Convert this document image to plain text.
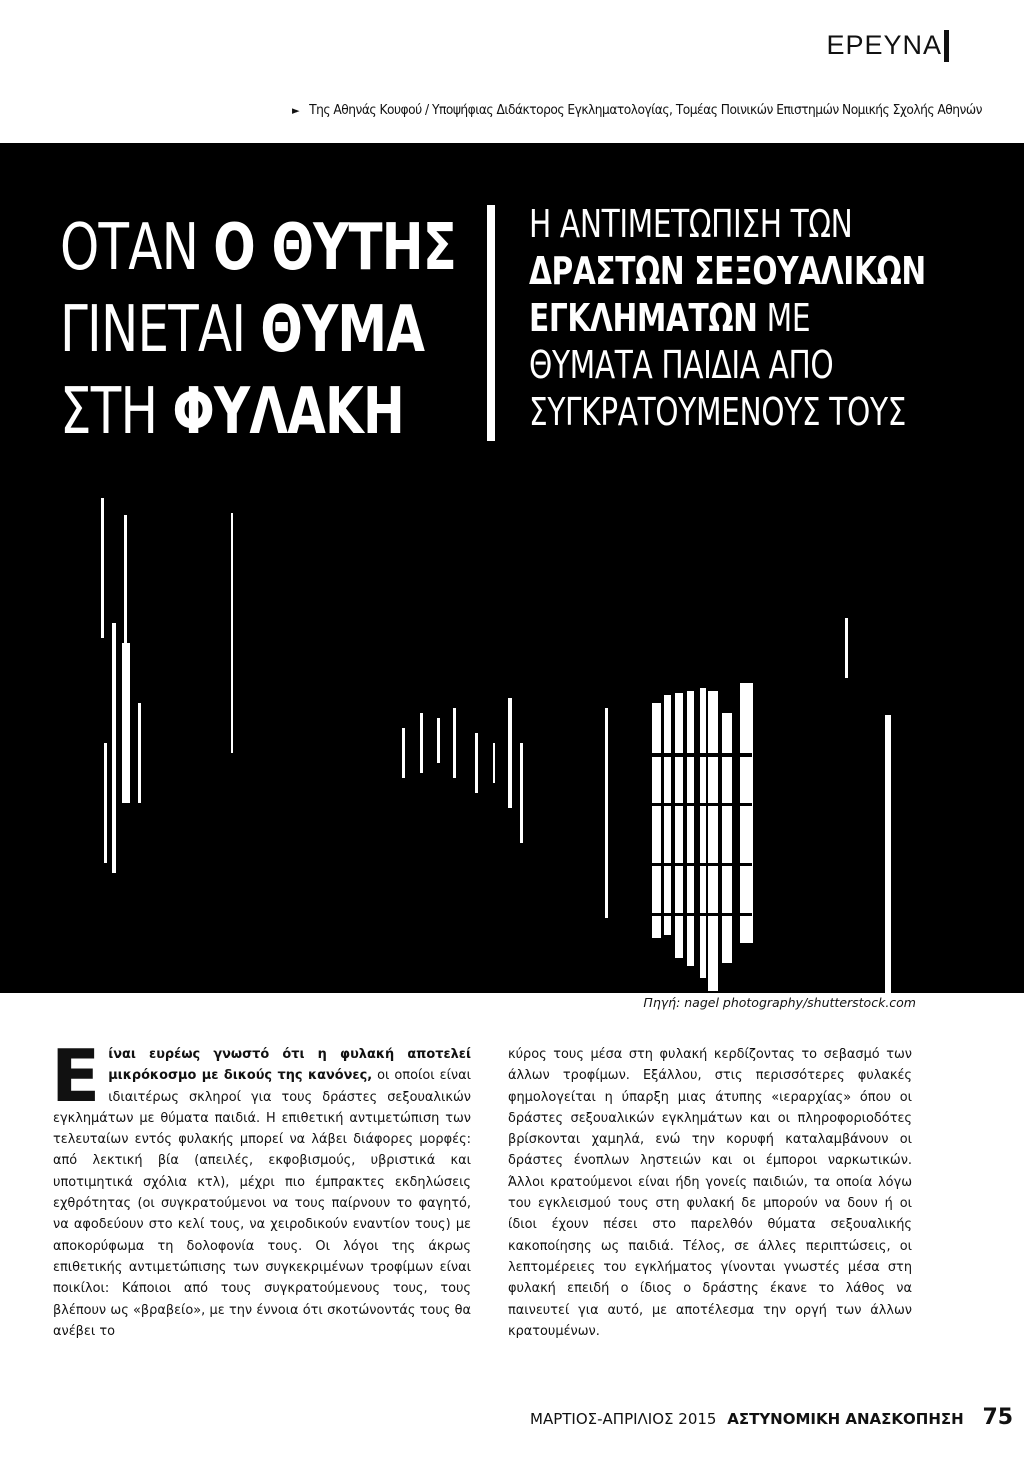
ΕΡΕΥΝΑ
► Της Αθηνάς Κουφού / Υποψήφιας Διδάκτορος Εγκληματολογίας, Τομέας Ποινικών Επιστημών Νομικής Σχολής Αθηνών
ΟΤΑΝ Ο ΘΥΤΗΣ
ΓΙΝΕΤΑΙ ΘΥΜΑ
ΣΤΗ ΦΥΛΑΚΗ
Η ΑΝΤΙΜΕΤΩΠΙΣΗ ΤΩΝ
ΔΡΑΣΤΩΝ ΣΕΞΟΥΑΛΙΚΩΝ
ΕΓΚΛΗΜΑΤΩΝ ΜΕ
ΘΥΜΑΤΑ ΠΑΙΔΙΑ ΑΠΟ
ΣΥΓΚΡΑΤΟΥΜΕΝΟΥΣ ΤΟΥΣ
Πηγή: nagel photography/shutterstock.com
Είναι ευρέως γνωστό ότι η φυλακή αποτελεί μικρόκοσμο με δικούς της κανόνες, οι οποίοι είναι ιδιαιτέρως σκληροί για τους δράστες σεξουαλικών εγκλημάτων με θύματα παιδιά. Η επιθετική αντιμετώπιση των τελευταίων εντός φυλακής μπορεί να λάβει διάφορες μορφές: από λεκτική βία (απειλές, εκφοβισμούς, υβριστικά και υποτιμητικά σχόλια κτλ), μέχρι πιο έμπρακτες εκδηλώσεις εχθρότητας (οι συγκρατούμενοι να τους παίρνουν το φαγητό, να αφοδεύουν στο κελί τους, να χειροδικούν εναντίον τους) με αποκορύφωμα τη δολοφονία τους. Οι λόγοι της άκρως επιθετικής αντιμετώπισης των συγκεκριμένων τροφίμων είναι ποικίλοι: Κάποιοι από τους συγκρατούμενους τους, τους βλέπουν ως «βραβείο», με την έννοια ότι σκοτώνοντάς τους θα ανέβει το
κύρος τους μέσα στη φυλακή κερδίζοντας το σεβασμό των άλλων τροφίμων. Εξάλλου, στις περισσότερες φυλακές φημολογείται η ύπαρξη μιας άτυπης «ιεραρχίας» όπου οι δράστες σεξουαλικών εγκλημάτων και οι πληροφοριοδότες βρίσκονται χαμηλά, ενώ την κορυφή καταλαμβάνουν οι δράστες ένοπλων ληστειών και οι έμποροι ναρκωτικών. Άλλοι κρατούμενοι είναι ήδη γονείς παιδιών, τα οποία λόγω του εγκλεισμού τους στη φυλακή δε μπορούν να δουν ή οι ίδιοι έχουν πέσει στο παρελθόν θύματα σεξουαλικής κακοποίησης ως παιδιά. Τέλος, σε άλλες περιπτώσεις, οι λεπτομέρειες του εγκλήματος γίνονται γνωστές μέσα στη φυλακή επειδή ο ίδιος ο δράστης έκανε το λάθος να παινευτεί για αυτό, με αποτέλεσμα την οργή των άλλων κρατουμένων.
ΜΑΡΤΙΟΣ-ΑΠΡΙΛΙΟΣ 2015 ΑΣΤΥΝΟΜΙΚΗ ΑΝΑΣΚΟΠΗΣΗ 75
